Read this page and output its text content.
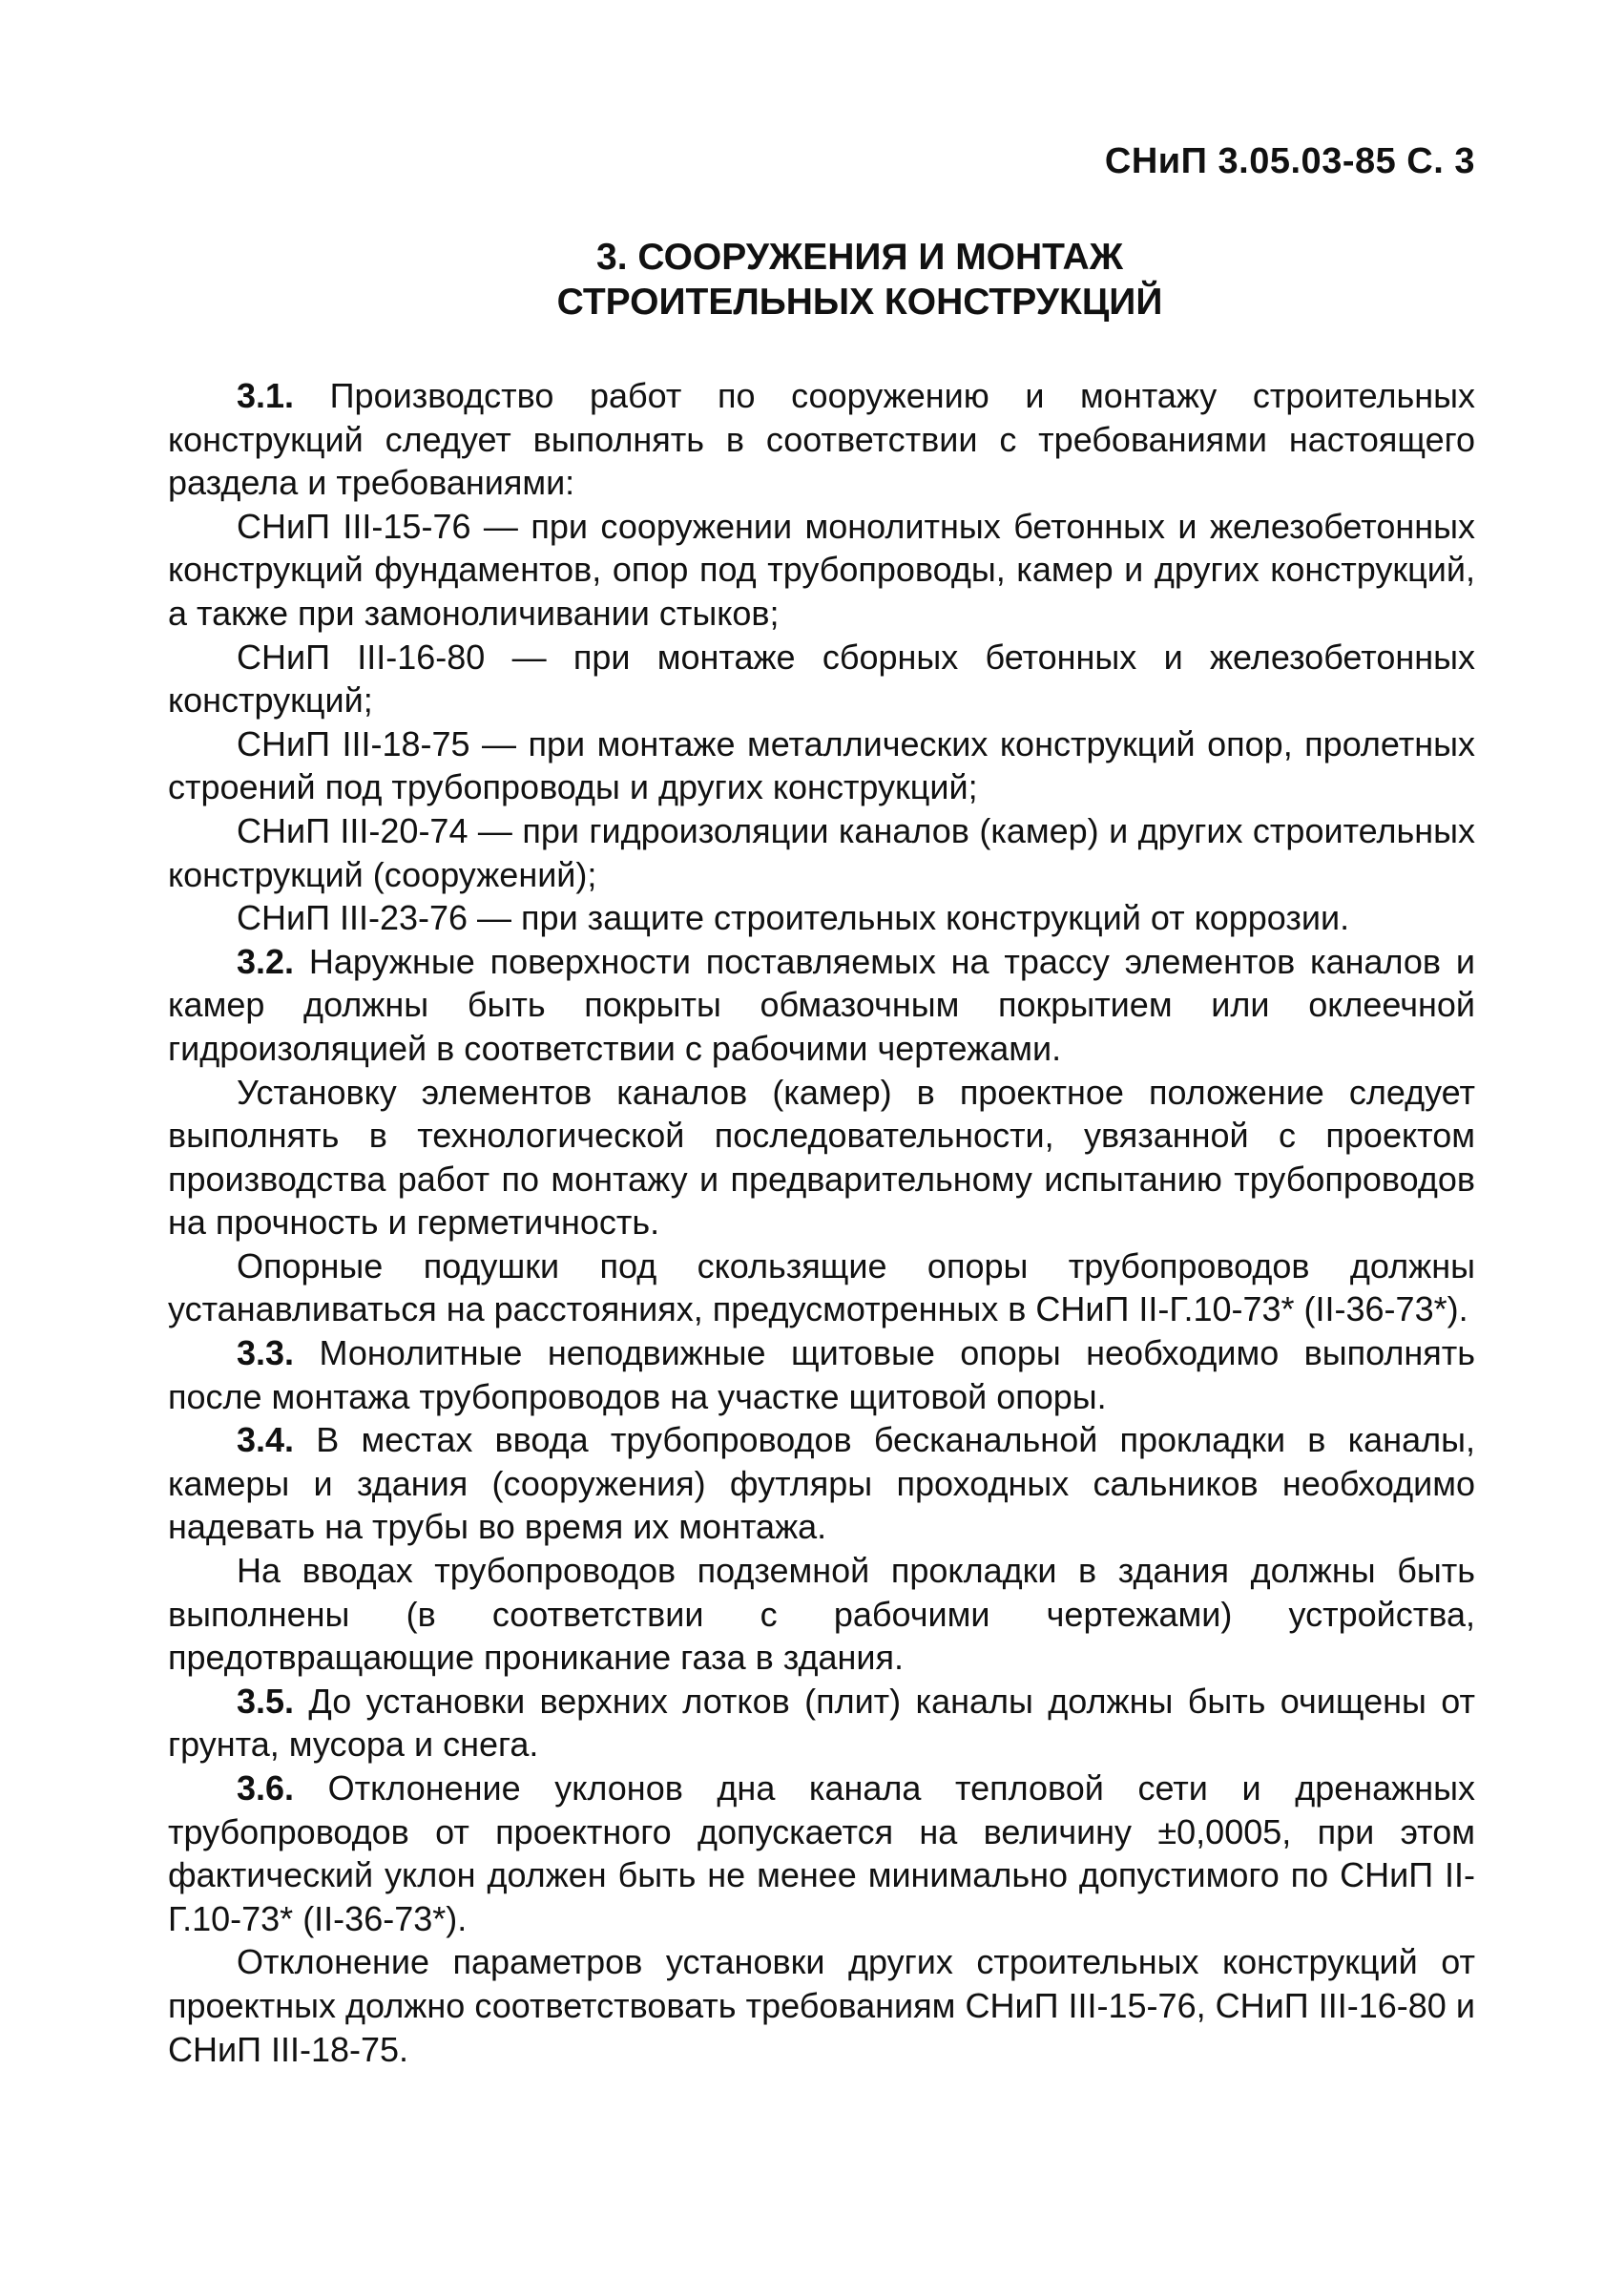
СНиП 3.05.03-85 С. 3
3. СООРУЖЕНИЯ И МОНТАЖ
СТРОИТЕЛЬНЫХ КОНСТРУКЦИЙ

3.1. Производство работ по сооружению и монтажу строительных конструкций следует выполнять в соответствии с требованиями настоящего раздела и требованиями:

СНиП III-15-76 — при сооружении монолитных бетонных и железобетонных конструкций фундаментов, опор под трубопроводы, камер и других конструкций, а также при замоноличивании стыков;

СНиП III-16-80 — при монтаже сборных бетонных и железобетонных конструкций;

СНиП III-18-75 — при монтаже металлических конструкций опор, пролетных строений под трубопроводы и других конструкций;

СНиП III-20-74 — при гидроизоляции каналов (камер) и других строительных конструкций (сооружений);

СНиП III-23-76 — при защите строительных конструкций от коррозии.

3.2. Наружные поверхности поставляемых на трассу элементов каналов и камер должны быть покрыты обмазочным покрытием или оклеечной гидроизоляцией в соответствии с рабочими чертежами.

Установку элементов каналов (камер) в проектное положение следует выполнять в технологической последовательности, увязанной с проектом производства работ по монтажу и предварительному испытанию трубопроводов на прочность и герметичность.

Опорные подушки под скользящие опоры трубопроводов должны устанавливаться на расстояниях, предусмотренных в СНиП II-Г.10-73* (II-36-73*).

3.3. Монолитные неподвижные щитовые опоры необходимо выполнять после монтажа трубопроводов на участке щитовой опоры.

3.4. В местах ввода трубопроводов бесканальной прокладки в каналы, камеры и здания (сооружения) футляры проходных сальников необходимо надевать на трубы во время их монтажа.

На вводах трубопроводов подземной прокладки в здания должны быть выполнены (в соответствии с рабочими чертежами) устройства, предотвращающие проникание газа в здания.

3.5. До установки верхних лотков (плит) каналы должны быть очищены от грунта, мусора и снега.

3.6. Отклонение уклонов дна канала тепловой сети и дренажных трубопроводов от проектного допускается на величину ±0,0005, при этом фактический уклон должен быть не менее минимально допустимого по СНиП II-Г.10-73* (II-36-73*).

Отклонение параметров установки других строительных конструкций от проектных должно соответствовать требованиям СНиП III-15-76, СНиП III-16-80 и СНиП III-18-75.
